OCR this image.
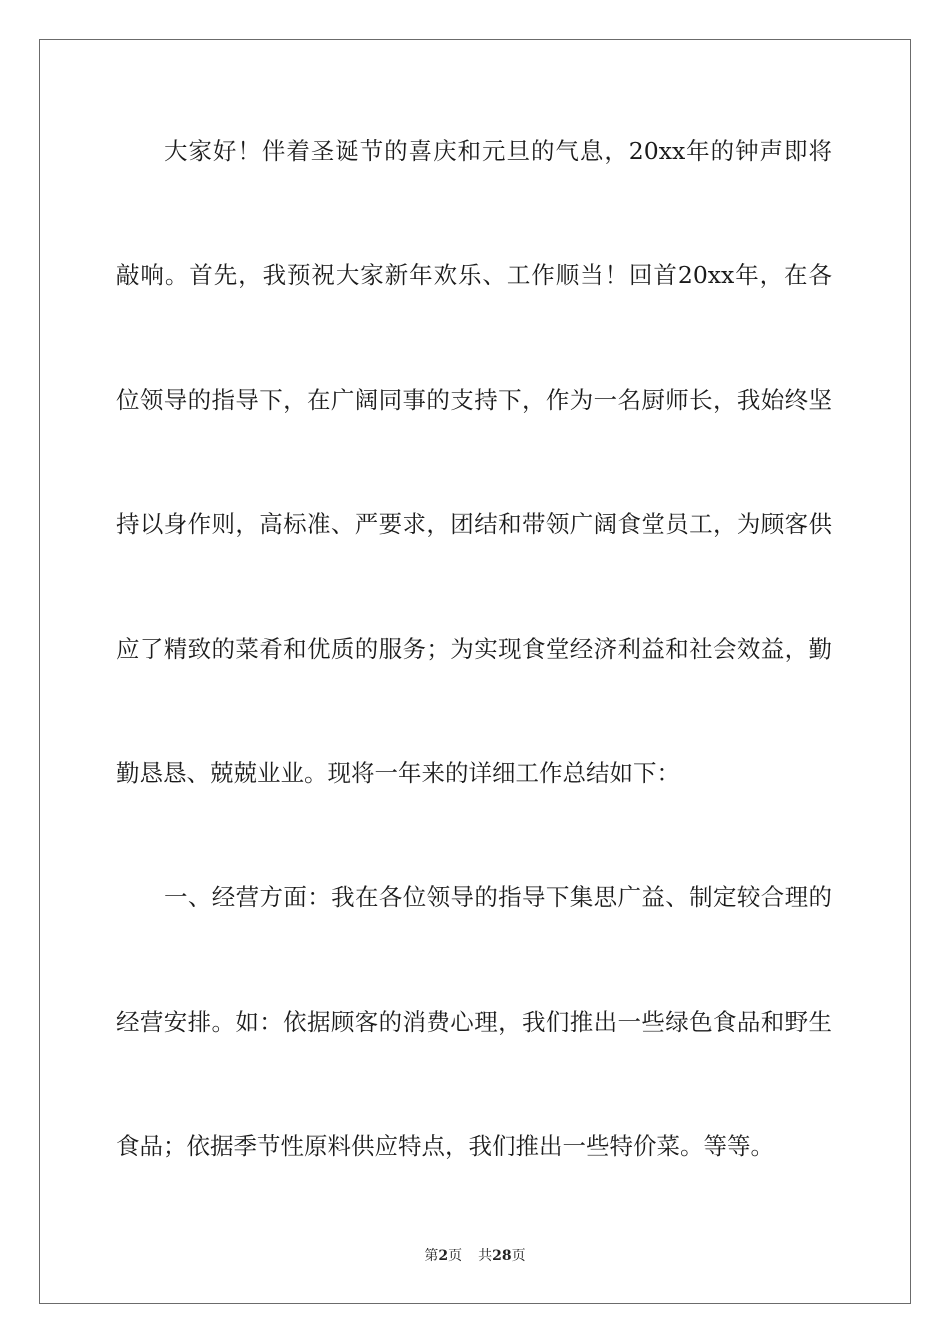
大家好！伴着圣诞节的喜庆和元旦的气息，20xx年的钟声即将
敲响。首先，我预祝大家新年欢乐、工作顺当！回首20xx年，在各
位领导的指导下，在广阔同事的支持下，作为一名厨师长，我始终坚
持以身作则，高标准、严要求，团结和带领广阔食堂员工，为顾客供
应了精致的菜肴和优质的服务；为实现食堂经济利益和社会效益，勤
勤恳恳、兢兢业业。现将一年来的详细工作总结如下：
一、经营方面：我在各位领导的指导下集思广益、制定较合理的
经营安排。如：依据顾客的消费心理，我们推出一些绿色食品和野生
食品；依据季节性原料供应特点，我们推出一些特价菜。等等。
第2页 共28页
